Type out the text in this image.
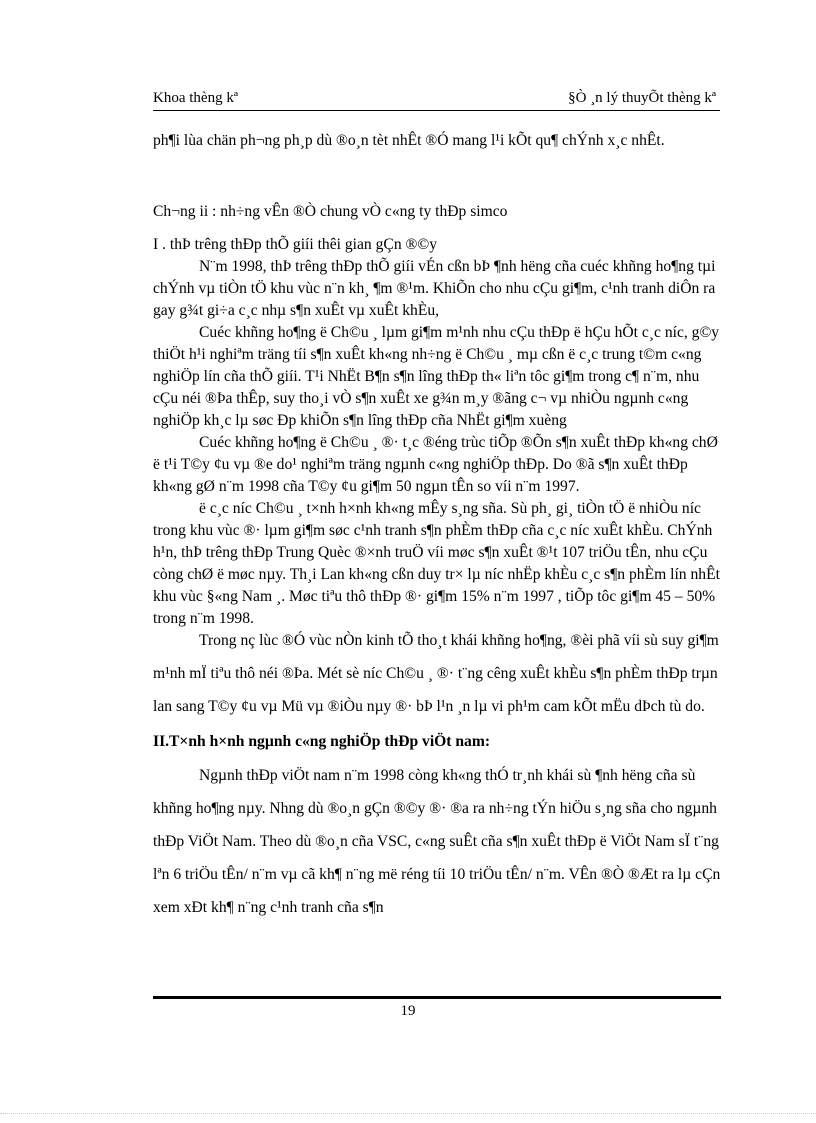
Khoa thèng kª	§Ò ¸n lý thuyÕt thèng kª

ph¶i lùa chän ph¬ng ph¸p dù ®o¸n tèt nhÊt ®Ó mang l¹i kÕt qu¶ chÝnh x¸c nhÊt.

Ch¬ng ii : nh÷ng vÊn ®Ò chung vÒ c«ng ty thÐp simco

I . thÞ trêng thÐp thÕ giíi thêi gian gÇn ®©y

N¨m 1998, thÞ trêng thÐp thÕ giíi vÉn cßn bÞ ¶nh hëng cña cuéc khñng ho¶ng tµi chÝnh vµ tiÒn tÖ khu vùc n¨n kh¸ ¶m ®¹m. KhiÕn cho nhu cÇu gi¶m, c¹nh tranh diÔn ra gay g¾t gi÷a c¸c nhµ s¶n xuÊt vµ xuÊt khÈu,

Cuéc khñng ho¶ng ë Ch©u ¸ lµm gi¶m m¹nh nhu cÇu thÐp ë hÇu hÕt c¸c níc, g©y thiÖt h¹i nghiªm träng tíi s¶n xuÊt kh«ng nh÷ng ë Ch©u ¸ mµ cßn ë c¸c trung t©m c«ng nghiÖp lín cña thÕ giíi. T¹i NhËt B¶n s¶n lîng thÐp th« liªn tôc gi¶m trong c¶ n¨m, nhu cÇu néi ®Þa thÊp, suy tho¸i vÒ s¶n xuÊt xe g¾n m¸y ®ãng c¬ vµ nhiÒu ngµnh c«ng nghiÖp kh¸c lµ søc Ðp khiÕn s¶n lîng thÐp cña NhËt gi¶m xuèng

Cuéc khñng ho¶ng ë Ch©u ¸ ®· t¸c ®éng trùc tiÕp ®Õn s¶n xuÊt thÐp kh«ng chØ ë t¹i T©y ¢u vµ ®e do¹ nghiªm träng ngµnh c«ng nghiÖp thÐp. Do ®ã s¶n xuÊt thÐp kh«ng gØ n¨m 1998 cña T©y ¢u gi¶m 50 ngµn tÊn so víi n¨m 1997.

ë c¸c níc Ch©u ¸ t×nh h×nh kh«ng mÊy s¸ng sña. Sù ph¸ gi¸ tiÒn tÖ ë nhiÒu níc trong khu vùc ®· lµm gi¶m søc c¹nh tranh s¶n phÈm thÐp cña c¸c níc xuÊt khÈu. ChÝnh h¹n, thÞ trêng thÐp Trung Quèc ®×nh truÖ víi møc s¶n xuÊt ®¹t 107 triÖu tÊn, nhu cÇu còng chØ ë møc nµy. Th¸i Lan kh«ng cßn duy tr× lµ níc nhËp khÈu c¸c s¶n phÈm lín nhÊt khu vùc §«ng Nam ¸. Møc tiªu thô thÐp ®· gi¶m 15% n¨m 1997 , tiÕp tôc gi¶m 45 – 50% trong n¨m 1998.

Trong nç lùc ®Ó vùc nÒn kinh tÕ tho¸t khái khñng ho¶ng, ®èi phã víi sù suy gi¶m m¹nh mÏ tiªu thô néi ®Þa. Mét sè níc Ch©u ¸ ®· t¨ng cêng xuÊt khÈu s¶n phÈm thÐp trµn lan sang T©y ¢u vµ Mü vµ ®iÒu nµy ®· bÞ l¹n ¸n lµ vi ph¹m cam kÕt mËu dÞch tù do.

II.T×nh h×nh ngµnh c«ng nghiÖp thÐp viÖt nam:

Ngµnh thÐp viÖt nam n¨m 1998 còng kh«ng thÓ tr¸nh khái sù ¶nh hëng cña sù khñng ho¶ng nµy. Nhng dù ®o¸n gÇn ®©y ®· ®a ra nh÷ng tÝn hiÖu s¸ng sña cho ngµnh thÐp ViÖt Nam. Theo dù ®o¸n cña VSC, c«ng suÊt cña s¶n xuÊt thÐp ë ViÖt Nam sÏ t¨ng lªn 6 triÖu tÊn/ n¨m vµ cã kh¶ n¨ng më réng tíi 10 triÖu tÊn/ n¨m. VÊn ®Ò ®Æt ra lµ cÇn xem xÐt kh¶ n¨ng c¹nh tranh cña s¶n

19
